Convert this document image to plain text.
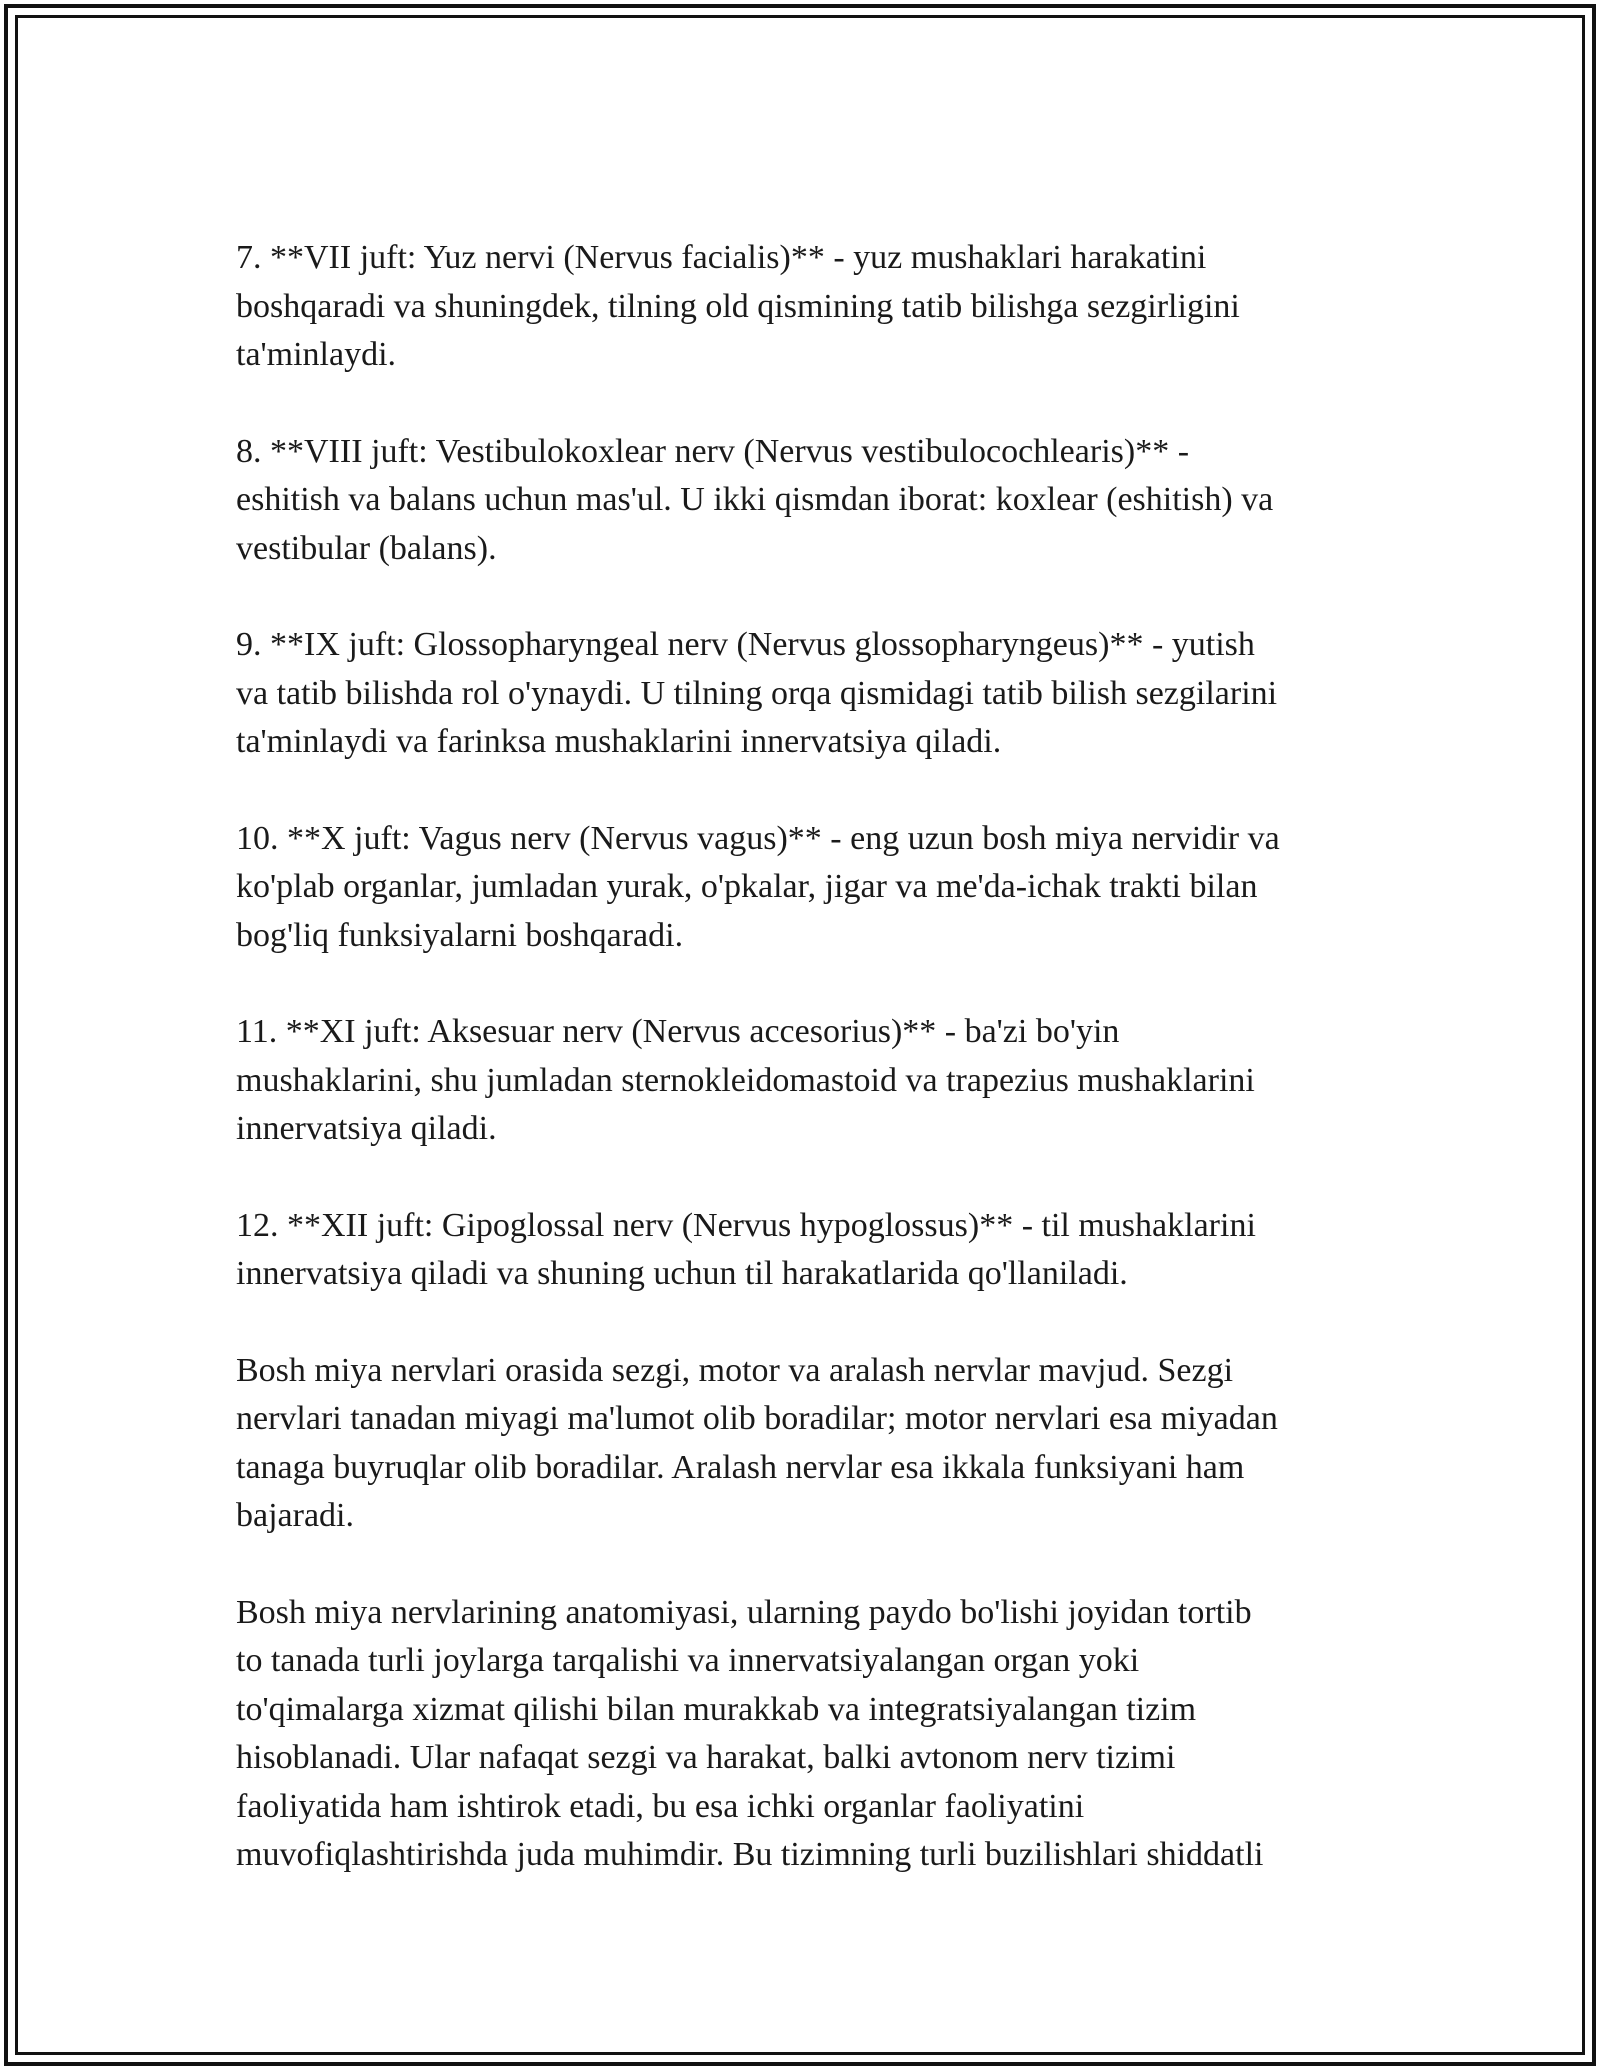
7. **VII juft: Yuz nervi (Nervus facialis)** - yuz mushaklari harakatini
boshqaradi va shuningdek, tilning old qismining tatib bilishga sezgirligini
ta'minlaydi.

8. **VIII juft: Vestibulokoxlear nerv (Nervus vestibulocochlearis)** -
eshitish va balans uchun mas'ul. U ikki qismdan iborat: koxlear (eshitish) va
vestibular (balans).

9. **IX juft: Glossopharyngeal nerv (Nervus glossopharyngeus)** - yutish
va tatib bilishda rol o'ynaydi. U tilning orqa qismidagi tatib bilish sezgilarini
ta'minlaydi va farinksa mushaklarini innervatsiya qiladi.

10. **X juft: Vagus nerv (Nervus vagus)** - eng uzun bosh miya nervidir va
ko'plab organlar, jumladan yurak, o'pkalar, jigar va me'da-ichak trakti bilan
bog'liq funksiyalarni boshqaradi.

11. **XI juft: Aksesuar nerv (Nervus accesorius)** - ba'zi bo'yin
mushaklarini, shu jumladan sternokleidomastoid va trapezius mushaklarini
innervatsiya qiladi.

12. **XII juft: Gipoglossal nerv (Nervus hypoglossus)** - til mushaklarini
innervatsiya qiladi va shuning uchun til harakatlarida qo'llaniladi.

Bosh miya nervlari orasida sezgi, motor va aralash nervlar mavjud. Sezgi
nervlari tanadan miyagi ma'lumot olib boradilar; motor nervlari esa miyadan
tanaga buyruqlar olib boradilar. Aralash nervlar esa ikkala funksiyani ham
bajaradi.

Bosh miya nervlarining anatomiyasi, ularning paydo bo'lishi joyidan tortib
to tanada turli joylarga tarqalishi va innervatsiyalangan organ yoki
to'qimalarga xizmat qilishi bilan murakkab va integratsiyalangan tizim
hisoblanadi. Ular nafaqat sezgi va harakat, balki avtonom nerv tizimi
faoliyatida ham ishtirok etadi, bu esa ichki organlar faoliyatini
muvofiqlashtirishda juda muhimdir. Bu tizimning turli buzilishlari shiddatli
